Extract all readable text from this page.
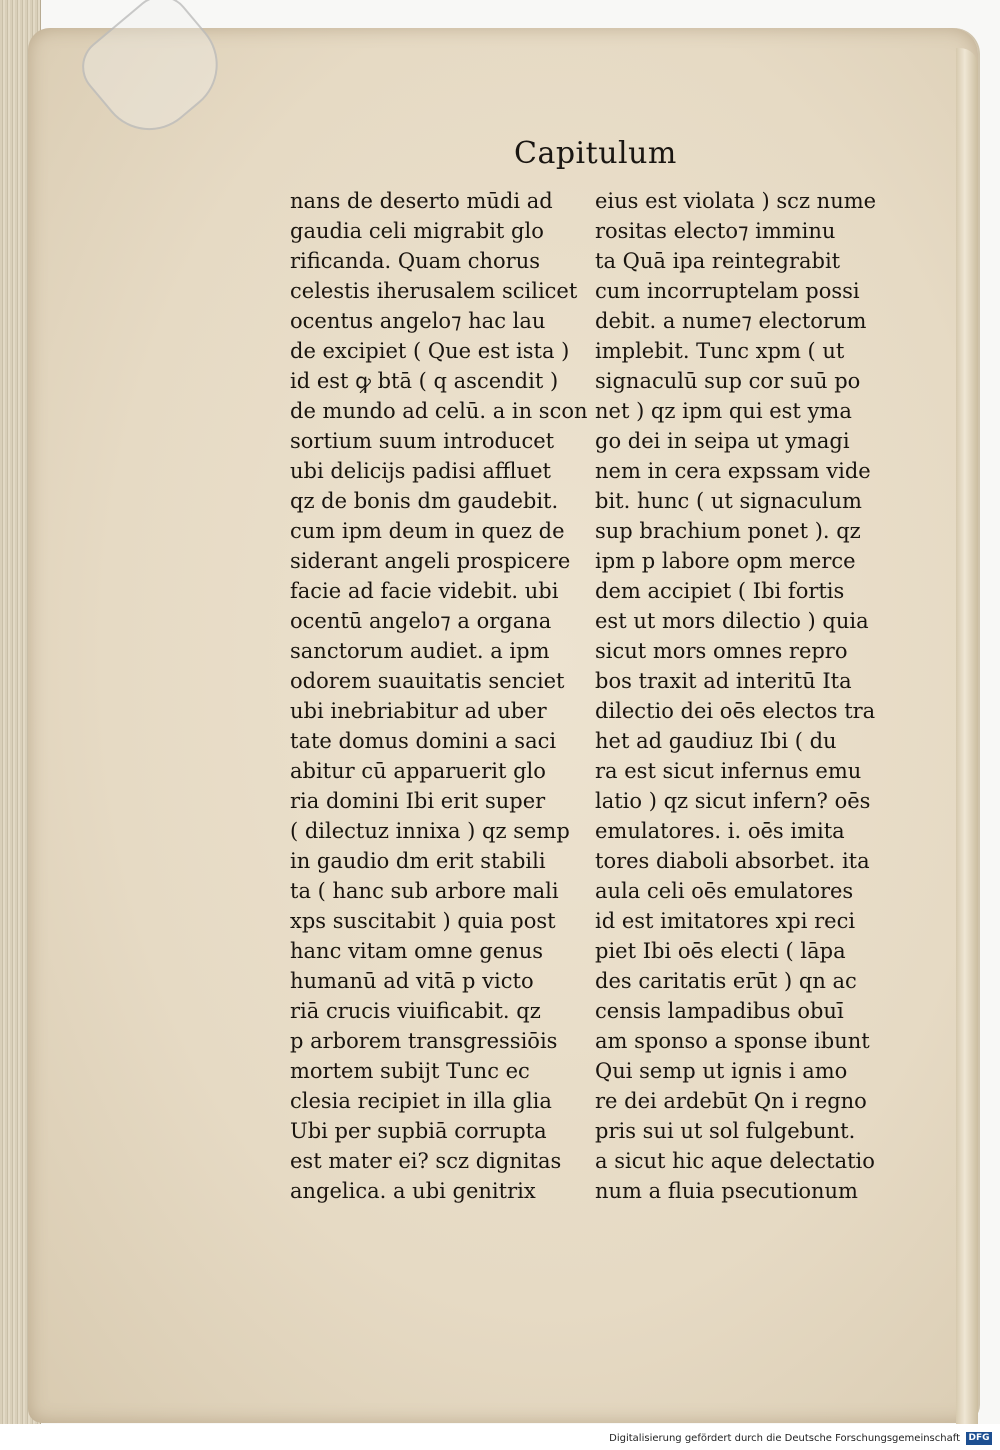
Capitulum
nans de deserto mūdi ad
gaudia celi migrabit glo
rificanda. Quam chorus
celestis iherusalem scilicet
ocentus angelo⁊ hac lau
de excipiet ( Que est ista )
id est ꝙ btā ( q ascendit )
de mundo ad celū. a in scon
sortium suum introducet
ubi delicijs padisi affluet
qz de bonis dm gaudebit.
cum ipm deum in quez de
siderant angeli prospicere
facie ad facie videbit. ubi
ocentū angelo⁊ a organa
sanctorum audiet. a ipm
odorem suauitatis senciet
ubi inebriabitur ad uber
tate domus domini a saci
abitur cū apparuerit glo
ria domini Ibi erit super
( dilectuz innixa ) qz semp
in gaudio dm erit stabili
ta ( hanc sub arbore mali
xps suscitabit ) quia post
hanc vitam omne genus
humanū ad vitā p victo
riā crucis viuificabit. qz
p arborem transgressiōis
mortem subijt Tunc ec
clesia recipiet in illa glia
Ubi per supbiā corrupta
est mater ei? scz dignitas
angelica. a ubi genitrix
eius est violata ) scz nume
rositas electo⁊ imminu
ta Quā ipa reintegrabit
cum incorruptelam possi
debit. a nume⁊ electorum
implebit. Tunc xpm ( ut
signaculū sup cor suū po
net ) qz ipm qui est yma
go dei in seipa ut ymagi
nem in cera expssam vide
bit. hunc ( ut signaculum
sup brachium ponet ). qz
ipm p labore opm merce
dem accipiet ( Ibi fortis
est ut mors dilectio ) quia
sicut mors omnes repro
bos traxit ad interitū Ita
dilectio dei oēs electos tra
het ad gaudiuz Ibi ( du
ra est sicut infernus emu
latio ) qz sicut infern? oēs
emulatores. i. oēs imita
tores diaboli absorbet. ita
aula celi oēs emulatores
id est imitatores xpi reci
piet Ibi oēs electi ( lāpa
des caritatis erūt ) qn ac
censis lampadibus obuī
am sponso a sponse ibunt
Qui semp ut ignis i amo
re dei ardebūt Qn i regno
pris sui ut sol fulgebunt.
a sicut hic aque delectatio
num a fluia psecutionum
Digitalisierung gefördert durch die Deutsche Forschungsgemeinschaft DFG
